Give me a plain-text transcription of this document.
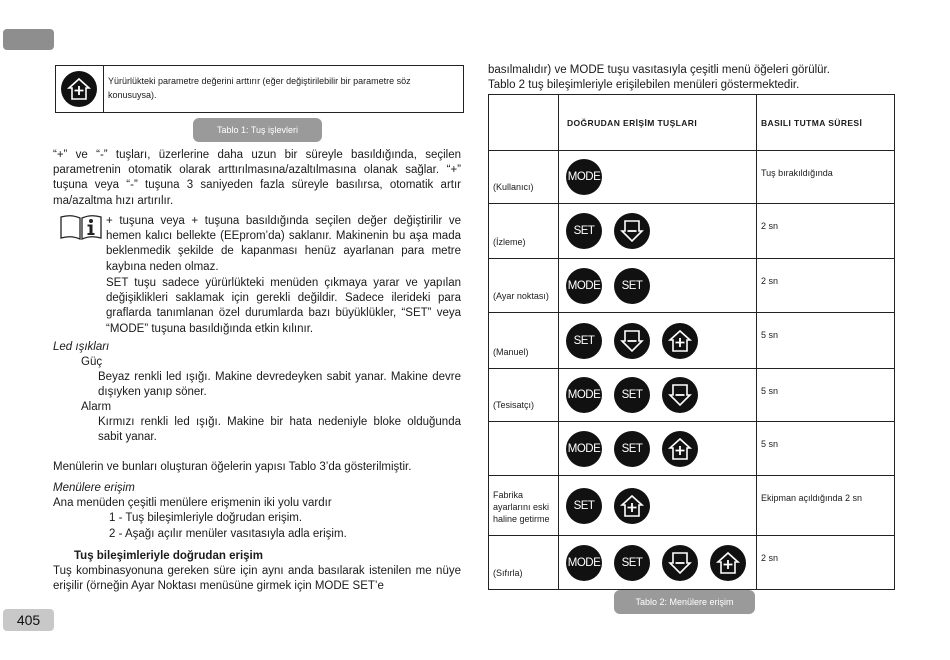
Yürürlükteki parametre değerini arttırır (eğer değiştirilebilir bir parametre söz konusuysa).
Tablo 1: Tuş işlevleri
“+” ve “-” tuşları, üzerlerine daha uzun bir süreyle basıldığında, seçilen parametrenin otomatik olarak arttırılmasına/azaltılmasına olanak sağlar. “+” tuşuna veya “-” tuşuna 3 saniyeden fazla süreyle basılırsa, otomatik artır ma/azaltma hızı artırılır.
+ tuşuna veya + tuşuna basıldığında seçilen değer değiştirilir ve hemen kalıcı bellekte (EEprom’da) saklanır. Makinenin bu aşa mada beklenmedik şekilde de kapanması henüz ayarlanan para metre kaybına neden olmaz.
SET tuşu sadece yürürlükteki menüden çıkmaya yarar ve yapılan değişiklikleri saklamak için gerekli değildir. Sadece ilerideki para graflarda tanımlanan özel durumlarda bazı büyüklükler, “SET” veya “MODE” tuşuna basıldığında etkin kılınır.
Led ışıkları
Güç
Beyaz renkli led ışığı. Makine devredeyken sabit yanar. Makine devre dışıyken yanıp söner.
Alarm
Kırmızı renkli led ışığı. Makine bir hata nedeniyle bloke olduğunda sabit yanar.
Menülerin ve bunları oluşturan öğelerin yapısı Tablo 3’da gösterilmiştir.
Menülere erişim
Ana menüden çeşitli menülere erişmenin iki yolu vardır
1 - Tuş bileşimleriyle doğrudan erişim.
2 - Aşağı açılır menüler vasıtasıyla adla erişim.
Tuş bileşimleriyle doğrudan erişim
Tuş kombinasyonuna gereken süre için aynı anda basılarak istenilen me nüye erişilir (örneğin Ayar Noktası menüsüne girmek için MODE SET’e
405
basılmalıdır) ve MODE tuşu vasıtasıyla çeşitli menü öğeleri görülür.
Tablo 2 tuş bileşimleriyle erişilebilen menüleri göstermektedir.
	DOĞRUDAN ERİŞİM TUŞLARI	BASILI TUTMA SÜRESİ

(Kullanıcı)	MODE	Tuş bırakıldığında

(İzleme)	SET	2 sn

(Ayar noktası)	MODE SET	2 sn

(Manuel)	SET	5 sn

(Tesisatçı)	MODE SET	5 sn

	MODE SET	5 sn

Fabrika ayarlarını eski haline getirme	SET	Ekipman açıldığında 2 sn

(Sıfırla)	MODE SET	2 sn
Tablo 2: Menülere erişim
